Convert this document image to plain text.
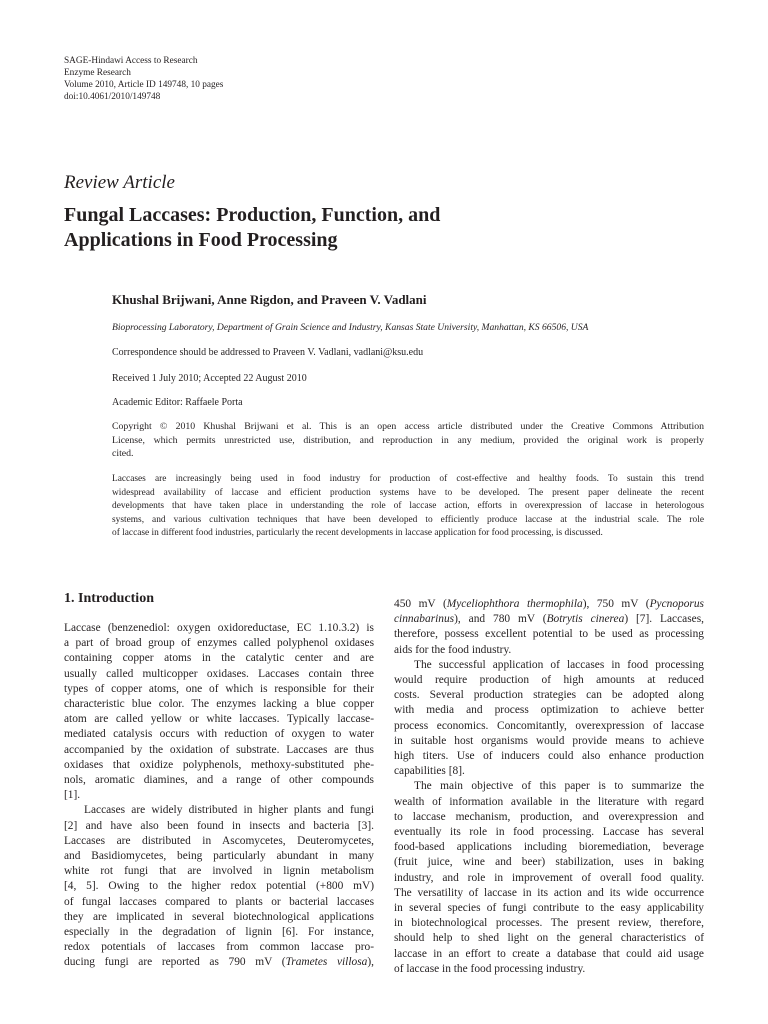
SAGE-Hindawi Access to Research
Enzyme Research
Volume 2010, Article ID 149748, 10 pages
doi:10.4061/2010/149748
Review Article
Fungal Laccases: Production, Function, and
Applications in Food Processing
Khushal Brijwani, Anne Rigdon, and Praveen V. Vadlani
Bioprocessing Laboratory, Department of Grain Science and Industry, Kansas State University, Manhattan, KS 66506, USA
Correspondence should be addressed to Praveen V. Vadlani, vadlani@ksu.edu
Received 1 July 2010; Accepted 22 August 2010
Academic Editor: Raffaele Porta
Copyright © 2010 Khushal Brijwani et al. This is an open access article distributed under the Creative Commons Attribution
License, which permits unrestricted use, distribution, and reproduction in any medium, provided the original work is properly
cited.
Laccases are increasingly being used in food industry for production of cost-effective and healthy foods. To sustain this trend
widespread availability of laccase and efficient production systems have to be developed. The present paper delineate the recent
developments that have taken place in understanding the role of laccase action, efforts in overexpression of laccase in heterologous
systems, and various cultivation techniques that have been developed to efficiently produce laccase at the industrial scale. The role
of laccase in different food industries, particularly the recent developments in laccase application for food processing, is discussed.
1. Introduction
Laccase (benzenediol: oxygen oxidoreductase, EC 1.10.3.2) is
a part of broad group of enzymes called polyphenol oxidases
containing copper atoms in the catalytic center and are
usually called multicopper oxidases. Laccases contain three
types of copper atoms, one of which is responsible for their
characteristic blue color. The enzymes lacking a blue copper
atom are called yellow or white laccases. Typically laccase-
mediated catalysis occurs with reduction of oxygen to water
accompanied by the oxidation of substrate. Laccases are thus
oxidases that oxidize polyphenols, methoxy-substituted phe-
nols, aromatic diamines, and a range of other compounds
[1].
Laccases are widely distributed in higher plants and fungi
[2] and have also been found in insects and bacteria [3].
Laccases are distributed in Ascomycetes, Deuteromycetes,
and Basidiomycetes, being particularly abundant in many
white rot fungi that are involved in lignin metabolism
[4, 5]. Owing to the higher redox potential (+800 mV)
of fungal laccases compared to plants or bacterial laccases
they are implicated in several biotechnological applications
especially in the degradation of lignin [6]. For instance,
redox potentials of laccases from common laccase pro-
ducing fungi are reported as 790 mV (Trametes villosa),
450 mV (Myceliophthora thermophila), 750 mV (Pycnoporus
cinnabarinus), and 780 mV (Botrytis cinerea) [7]. Laccases,
therefore, possess excellent potential to be used as processing
aids for the food industry.
The successful application of laccases in food processing
would require production of high amounts at reduced
costs. Several production strategies can be adopted along
with media and process optimization to achieve better
process economics. Concomitantly, overexpression of laccase
in suitable host organisms would provide means to achieve
high titers. Use of inducers could also enhance production
capabilities [8].
The main objective of this paper is to summarize the
wealth of information available in the literature with regard
to laccase mechanism, production, and overexpression and
eventually its role in food processing. Laccase has several
food-based applications including bioremediation, beverage
(fruit juice, wine and beer) stabilization, uses in baking
industry, and role in improvement of overall food quality.
The versatility of laccase in its action and its wide occurrence
in several species of fungi contribute to the easy applicability
in biotechnological processes. The present review, therefore,
should help to shed light on the general characteristics of
laccase in an effort to create a database that could aid usage
of laccase in the food processing industry.
